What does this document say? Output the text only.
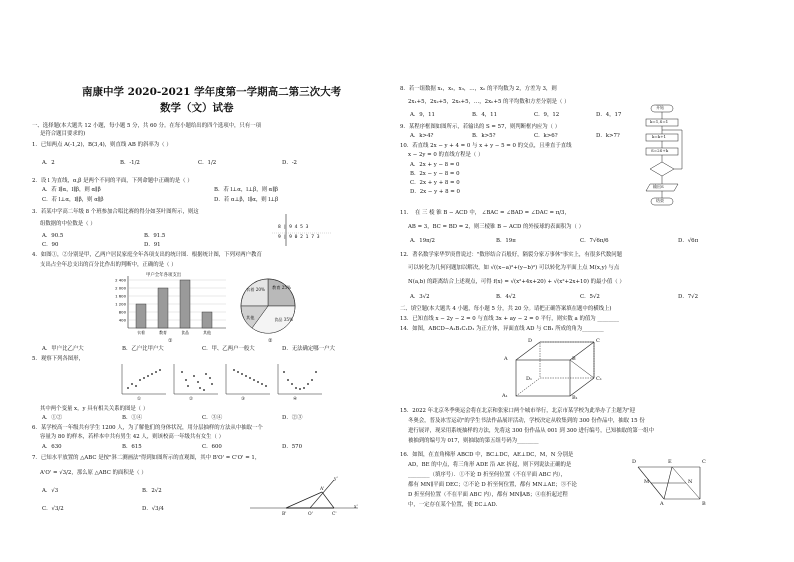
南康中学 2020-2021 学年度第一学期高二第三次大考
数学（文）试卷
一、选择题(本大题共 12 小题，每小题 5 分，共 60 分。在每小题给出的四个选项中，只有一项
是符合题目要求的)
1．已知两点 A(-1,2)，B(3,4)，则直线 AB 的斜率为（ ）
A．2	B．-1/2	C．1/2	D．-2
2．设 l 为直线，α,β 是两个不同的平面，下列命题中正确的是（ ）
A．若 l∥α，l∥β，则 α∥β	B．若 l⊥α，l⊥β，则 α∥β
C．若 l⊥α，l∥β，则 α∥β	D．若 α⊥β，l∥α，则 l⊥β
3．若某中学高二年级 8 个班参加合唱比赛的得分如茎叶图所示，则这
组数据的中位数是（ ）
A．90.5	B．91.5
C．90	D．91
8 | 9 4 5 3
9 | 9 0 2 1 7 3
4．如图①，②分别是甲，乙两户居民家庭全年各项支出的统计图．根据统计图，下列对两户教育
支出占全年总支出的百分比作出的判断中，正确的是（ ）
2 400
2 000
1 600
1 200
800
400
衣着	教育	食品	其他
甲户全年各项支出
①
教育 25%
衣着 20%
其他	食品 35%
②
A．甲户比乙户大	B．乙户比甲户大	C．甲、乙两户一般大	D．无法确定哪一户大
5．观察下列各图形，
①	②	③	④
其中两个变量 x，y 具有相关关系的图是（ ）
A．①②	B．①④	C．③④	D．②③
6．某学校高一年级共有学生 1200 人，为了解他们的身体状况，用分层抽样的方法从中抽取一个
容量为 80 的样本，若样本中共有男生 42 人，则该校高一年级共有女生（ ）
A．630	B．615	C．600	D．570
7．已知水平放置的 △ABC 是按"斜二测画法"得到如图所示的直观图，其中 B'O' = C'O' = 1，
A'O' = √3/2，那么原 △ABC 的面积是（ ）
A．√3	B．2√2
C．√3/2	D．√3/4
A'
B'	O'	C'
x'
y'
8．若一组数据 x₁，x₂，x₃，…，xₙ 的平均数为 2，方差为 3，则
2x₁+5，2x₂+5，2x₃+5，…，2xₙ+5 的平均数和方差分别是（ ）
A．9，11	B．4，11	C．9，12	D．4，17
9．某程序框图如图所示，若输出的 S = 57，则判断框内应为（ ）
A．k>4?	B．k>5?	C．k>6?	D．k>7?
开始
k=1,S=1
k=k+1
S=2S+k
输出S
结束
10．若直线 2x − y + 4 = 0 与 x + y − 5 = 0 的交点，且垂直于直线
x − 2y = 0 的直线方程是（ ）
A．2x + y − 8 = 0
B．2x − y − 8 = 0
C．2x + y + 8 = 0
D．2x − y + 8 = 0
11．　在 三 棱 锥 B − ACD 中， ∠BAC = ∠BAD = ∠DAC = π/3，
AB = 3，BC = BD = 2，则三棱锥 B − ACD 的外接球的表面积为（ ）
A．19π/2	B．19π	C．7√6π/6	D．√6π
12．著名数学家华罗庚曾说过："数形结合百般好，隔裂分家万事休"事实上，有很多代数问题
可以转化为几何问题加以解决，如 √((x−a)²+(y−b)²) 可以转化为平面上点 M(x,y) 与点
N(a,b) 的距离结合上述观点，可得 f(x) = √(x²+4x+20) + √(x²+2x+10) 的最小值（ ）
A．3√2	B．4√2	C．5√2	D．7√2
二、填空题(本大题共 4 小题，每小题 5 分，共 20 分。请把正确答案填在题中的横线上)
13．已知直线 x − 2y − 2 = 0 与直线 3x + ay − 2 = 0 平行，则实数 a 的值为 ________
14．如图，ABCD−A₁B₁C₁D₁ 为正方体，异面直线 AD 与 CB₁ 所成的角为________
D	C
A	B
D₁	C₁
A₁	B₁
15．2022 年北京冬季奥运会将在北京和张家口两个城市举行，北京市某学校为此举办了主题为"迎
冬奥会，普及冰雪运动"的学生书法作品展评活动，学校决定从收集到的 300 份作品中，抽取 15 份
进行展评，现采用系统抽样的方法，先将这 300 份作品从 001 到 300 进行编号，已知抽取的第一组中
被抽到的编号为 017，则抽取的第五组号码为________
16．如图，在直角梯形 ABCD 中，BC⊥DC，AE⊥DC，M，N 分别是
AD，BE 的中点，将三角形 ADE 沿 AE 折起，则下列说法正确的是
________（填序号）．①不论 D 折至何位置（不在平面 ABC 内），
都有 MN∥平面 DEC；②不论 D 折至何位置，都有 MN⊥AE；③不论
D 折至何位置（不在平面 ABC 内），都有 MN∥AB；④在折起过程
中，一定存在某个位置，使 EC⊥AD．
D	E	C
A	B
M	N
